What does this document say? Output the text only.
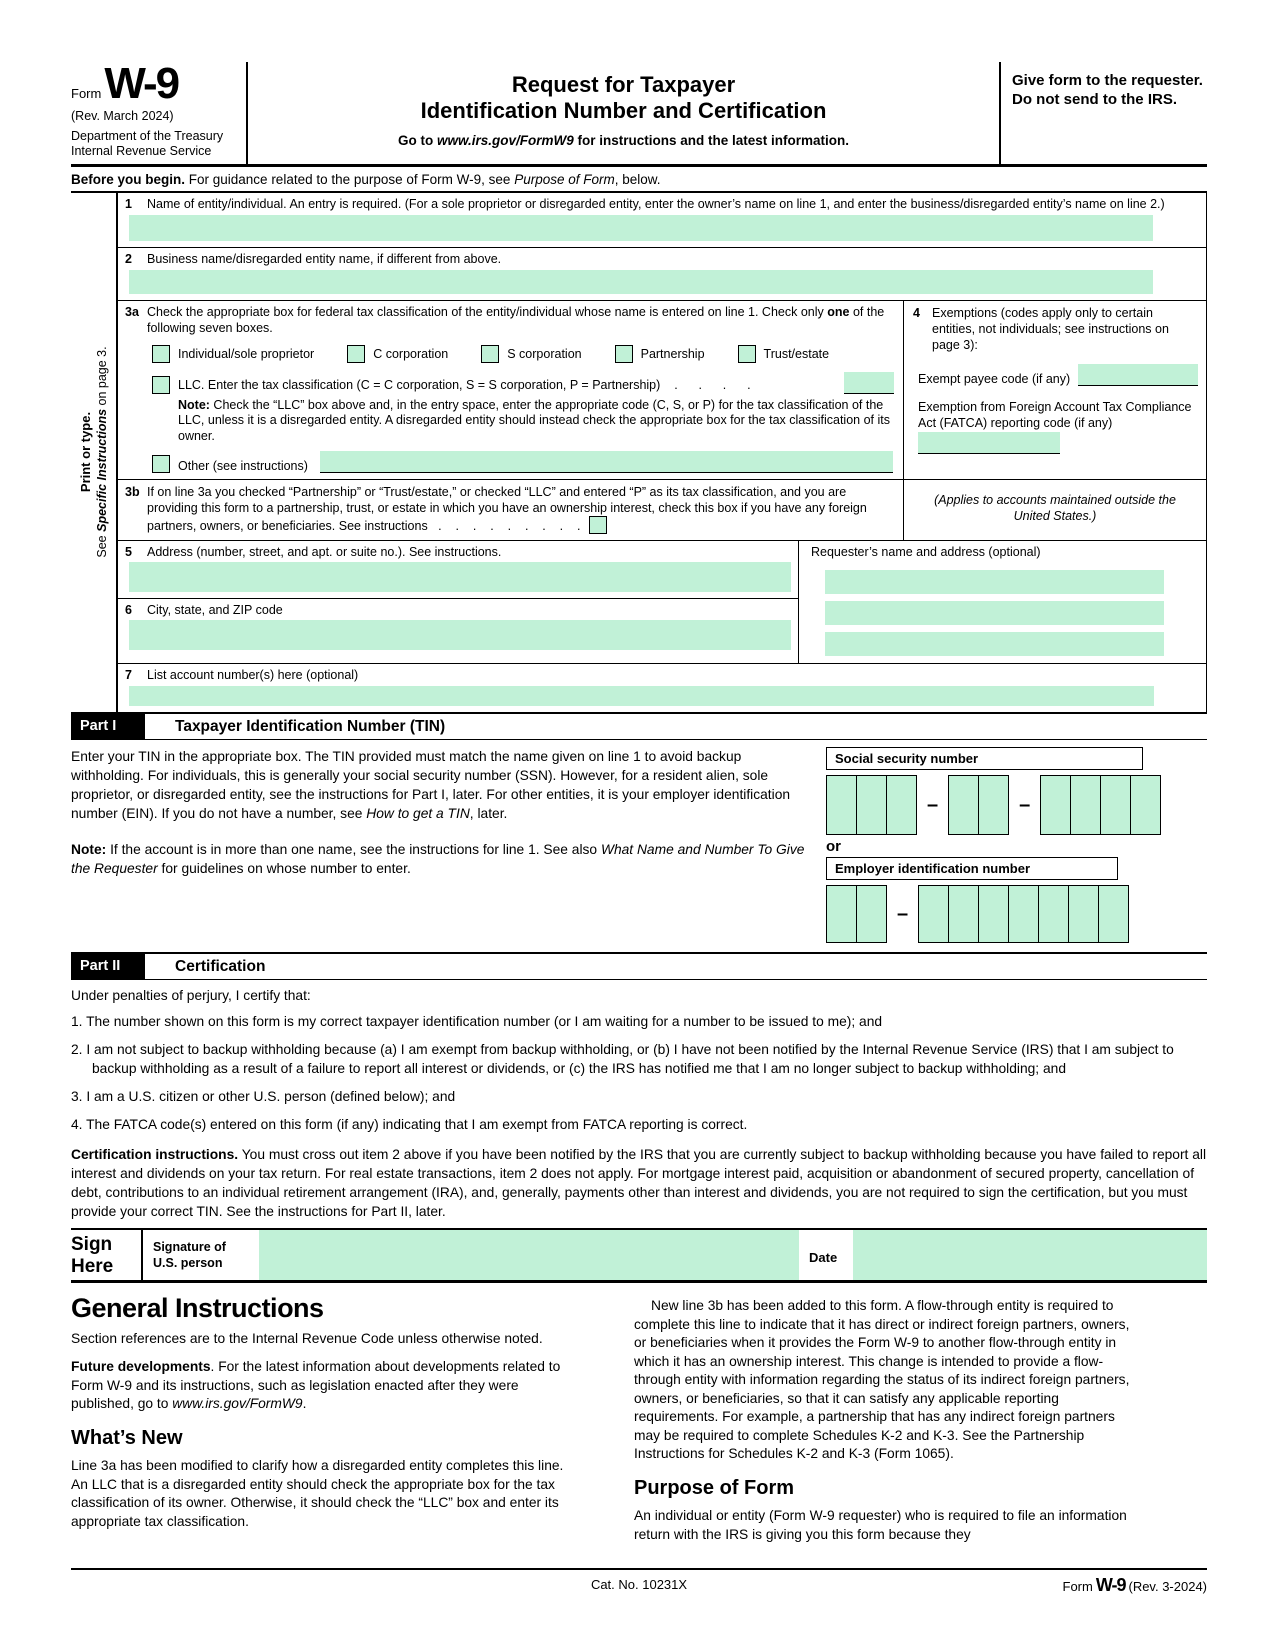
Form W-9
(Rev. March 2024)
Department of the Treasury
Internal Revenue Service
Request for Taxpayer
Identification Number and Certification
Go to www.irs.gov/FormW9 for instructions and the latest information.
Give form to the requester. Do not send to the IRS.
Before you begin. For guidance related to the purpose of Form W-9, see Purpose of Form, below.
Print or type.
See Specific Instructions on page 3.
1	Name of entity/individual. An entry is required. (For a sole proprietor or disregarded entity, enter the owner’s name on line 1, and enter the business/disregarded entity’s name on line 2.)
2	Business name/disregarded entity name, if different from above.
3a Check the appropriate box for federal tax classification of the entity/individual whose name is entered on line 1. Check only one of the following seven boxes.
Individual/sole proprietor	C corporation	S corporation	Partnership	Trust/estate
LLC. Enter the tax classification (C = C corporation, S = S corporation, P = Partnership)    .      .      .      .
Note: Check the “LLC” box above and, in the entry space, enter the appropriate code (C, S, or P) for the tax classification of the LLC, unless it is a disregarded entity. A disregarded entity should instead check the appropriate box for the tax classification of its owner.
Other (see instructions)
4 Exemptions (codes apply only to certain entities, not individuals; see instructions on page 3):
Exempt payee code (if any)
Exemption from Foreign Account Tax Compliance Act (FATCA) reporting code (if any)
3b If on line 3a you checked “Partnership” or “Trust/estate,” or checked “LLC” and entered “P” as its tax classification, and you are providing this form to a partnership, trust, or estate in which you have an ownership interest, check this box if you have any foreign partners, owners, or beneficiaries. See instructions   .    .    .    .    .    .    .    .    .
(Applies to accounts maintained outside the United States.)
5	Address (number, street, and apt. or suite no.). See instructions.
6	City, state, and ZIP code
Requester’s name and address (optional)
7	List account number(s) here (optional)
Part I	Taxpayer Identification Number (TIN)

Enter your TIN in the appropriate box. The TIN provided must match the name given on line 1 to avoid backup withholding. For individuals, this is generally your social security number (SSN). However, for a resident alien, sole proprietor, or disregarded entity, see the instructions for Part I, later. For other entities, it is your employer identification number (EIN). If you do not have a number, see How to get a TIN, later.

Note: If the account is in more than one name, see the instructions for line 1. See also What Name and Number To Give the Requester for guidelines on whose number to enter.

Social security number
–	–
or
Employer identification number
–
Part II	Certification

Under penalties of perjury, I certify that:

1. The number shown on this form is my correct taxpayer identification number (or I am waiting for a number to be issued to me); and
2. I am not subject to backup withholding because (a) I am exempt from backup withholding, or (b) I have not been notified by the Internal Revenue Service (IRS) that I am subject to backup withholding as a result of a failure to report all interest or dividends, or (c) the IRS has notified me that I am no longer subject to backup withholding; and
3. I am a U.S. citizen or other U.S. person (defined below); and
4. The FATCA code(s) entered on this form (if any) indicating that I am exempt from FATCA reporting is correct.

Certification instructions. You must cross out item 2 above if you have been notified by the IRS that you are currently subject to backup withholding because you have failed to report all interest and dividends on your tax return. For real estate transactions, item 2 does not apply. For mortgage interest paid, acquisition or abandonment of secured property, cancellation of debt, contributions to an individual retirement arrangement (IRA), and, generally, payments other than interest and dividends, you are not required to sign the certification, but you must provide your correct TIN. See the instructions for Part II, later.

Sign
Here
Signature of
U.S. person	Date
General Instructions

Section references are to the Internal Revenue Code unless otherwise noted.

Future developments. For the latest information about developments related to Form W-9 and its instructions, such as legislation enacted after they were published, go to www.irs.gov/FormW9.

What’s New

Line 3a has been modified to clarify how a disregarded entity completes this line. An LLC that is a disregarded entity should check the appropriate box for the tax classification of its owner. Otherwise, it should check the “LLC” box and enter its appropriate tax classification.

New line 3b has been added to this form. A flow-through entity is required to complete this line to indicate that it has direct or indirect foreign partners, owners, or beneficiaries when it provides the Form W-9 to another flow-through entity in which it has an ownership interest. This change is intended to provide a flow-through entity with information regarding the status of its indirect foreign partners, owners, or beneficiaries, so that it can satisfy any applicable reporting requirements. For example, a partnership that has any indirect foreign partners may be required to complete Schedules K-2 and K-3. See the Partnership Instructions for Schedules K-2 and K-3 (Form 1065).

Purpose of Form

An individual or entity (Form W-9 requester) who is required to file an information return with the IRS is giving you this form because they

Cat. No. 10231X	Form W-9 (Rev. 3-2024)
